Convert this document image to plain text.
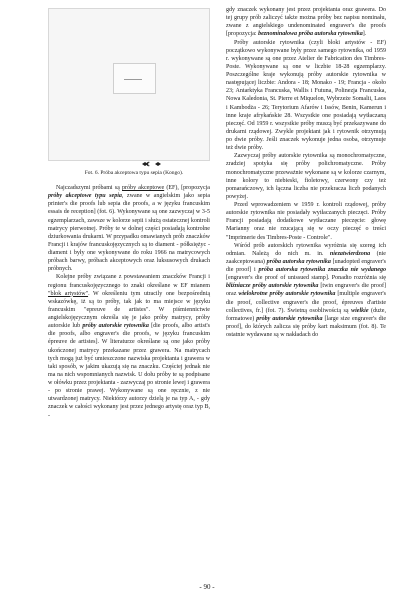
Fot. 6. Próba akceptowa typu sepia (Kongo).

Najczadszymi próbami są próby akceptowe (EF), [propozycja próby akceptowe typu sepia, zwane w angielskim jako sepia printer's die proofs lub sepia die proofs, a w języku francuskim essais de reception] (fot. 6). Wykonywane są one zazwyczaj w 3-5 egzemplarzach, zawsze w kolorze sepii i służą ostatecznej kontroli matrycy pierwotnej. Próby te w dolnej części posiadają kontrolne dziurkowania drukarni. W przypadku omawianych prób znaczków Francji i krajów francuskojęzycznych są to diament - półksiężyc - diament i były one wykonywane do roku 1966 na matrycowych próbach barwy, próbach akceptowych oraz luksusowych drukach próbnych.

Kolejne próby związane z powstawaniem znaczków Francji i regionu francuskojęzycznego to znaki określane w EF mianem "blok artystów". W określeniu tym utracily one bezpośrednią wskazówkę, iż są to próby, tak jak to ma miejsce w języku francuskim "epreuve de artistes". W piśmiennictwie angielskojęzycznym określa się je jako próby matrycy, próby autorskie lub próby autorskie rytownika [die proofs, albo artist's die proofs, albo engraver's die proofs, w języku francuskim épreuve de artistes]. W literaturze określane są one jako próby ukończonej matrycy przekazane przez grawera. Na matrycach tych mogą już być umieszczone nazwiska projektanta i grawera w taki sposób, w jakim ukazują się na znaczku. Częściej jednak nie ma na nich wspomnianych nazwisk. U dołu próby te są podpisane w ołówku przez projektanta - zazwyczaj po stronie lewej i grawera - po stronie prawej. Wykonywane są one ręcznie, z nie utwardzonej matrycy. Niektórzy autorzy dzielą je na typ A, - gdy znaczek w całości wykonany jest przez jednego artystę oraz typ B, -

gdy znaczek wykonany jest przez projektanta oraz grawera. Do tej grupy prób zaliczyć także można próby bez napisu nominału, zwane z angielskiego undenominated engraver's die proofs [propozycja: beznominałowa próba autorska rytownika].

Próby autorskie rytownika (czyli bloki artystów - EF) początkowo wykonywane były przez samego rytownika, od 1959 r. wykonywane są one przez Atelier de Fabrication des Timbres-Poste. Wykonywane są one w liczbie 18-28 egzemplarzy. Poszczególne kraje wykonują próby autorskie rytownika w następującej liczbie: Andora - 18; Monako - 19; Francja - około 23; Antarktyka Francuska, Wallis i Futuna, Polinezja Francuska, Nowa Kaledonia, St. Pierre et Miquelon, Wybrzeże Somalii, Laos i Kambodża - 26; Terytorium Afarów i Issów, Benin, Kamerun i inne kraje afrykańskie 28. Wszystkie one posiadają wytłaczaną pieczęć. Od 1959 r. wszystkie próby muszą być przekazywane do drukarni rządowej. Zwykle projektant jak i rytownik otrzymują po dwie próby. Jeśli znaczek wykonuje jedna osoba, otrzymuje też dwie próby.

Zazwyczaj próby autorskie rytownika są monochromatyczne, zradziej spotyka się próby polichromatyczne. Próby monochromatyczne przeważnie wykonane są w kolorze czarnym, inne kolory to niebieski, fioletowy, czerwony czy też pomarańczowy, ich łączna liczba nie przekracza liczb podanych powyżej.

Przed wprowadzeniem w 1959 r. kontroli rządowej, próby autorskie rytownika nie posiadały wytłaczanych pieczęci. Próby Francji posiadają dodatkowe wytłaczane pieczęcie: głowę Marianny oraz nie rzucającą się w oczy pieczęć o treści "Imprimerie des Timbres-Poste - Controle".

Wśród prób autorskich rytownika wyróżnia się szereg ich odmian. Należą do nich m. in. niezatwierdzona (nie zaakceptowana) próba autorska rytownika [unadopted engraver's die proof] i próba autorska rytownika znaczka nie wydanego [engraver's die proof of unissued stamp]. Ponadto rozróżnia się bliźniacze próby autorskie rytownika [twin engraver's die proof] oraz wielokrotne próby autorskie rytownika [multiple engraver's die proof, collective engraver's die proof, épreuves d'artiste collectives, fr.] (fot. 7). Świetną osobliwością są wielkie (duże, formatowe) próby autorskie rytownika [large size engraver's die proof], do których zalicza się próby kart maksimum (fot. 8). Te ostatnie wydawane są w nakładach do

- 90 -
